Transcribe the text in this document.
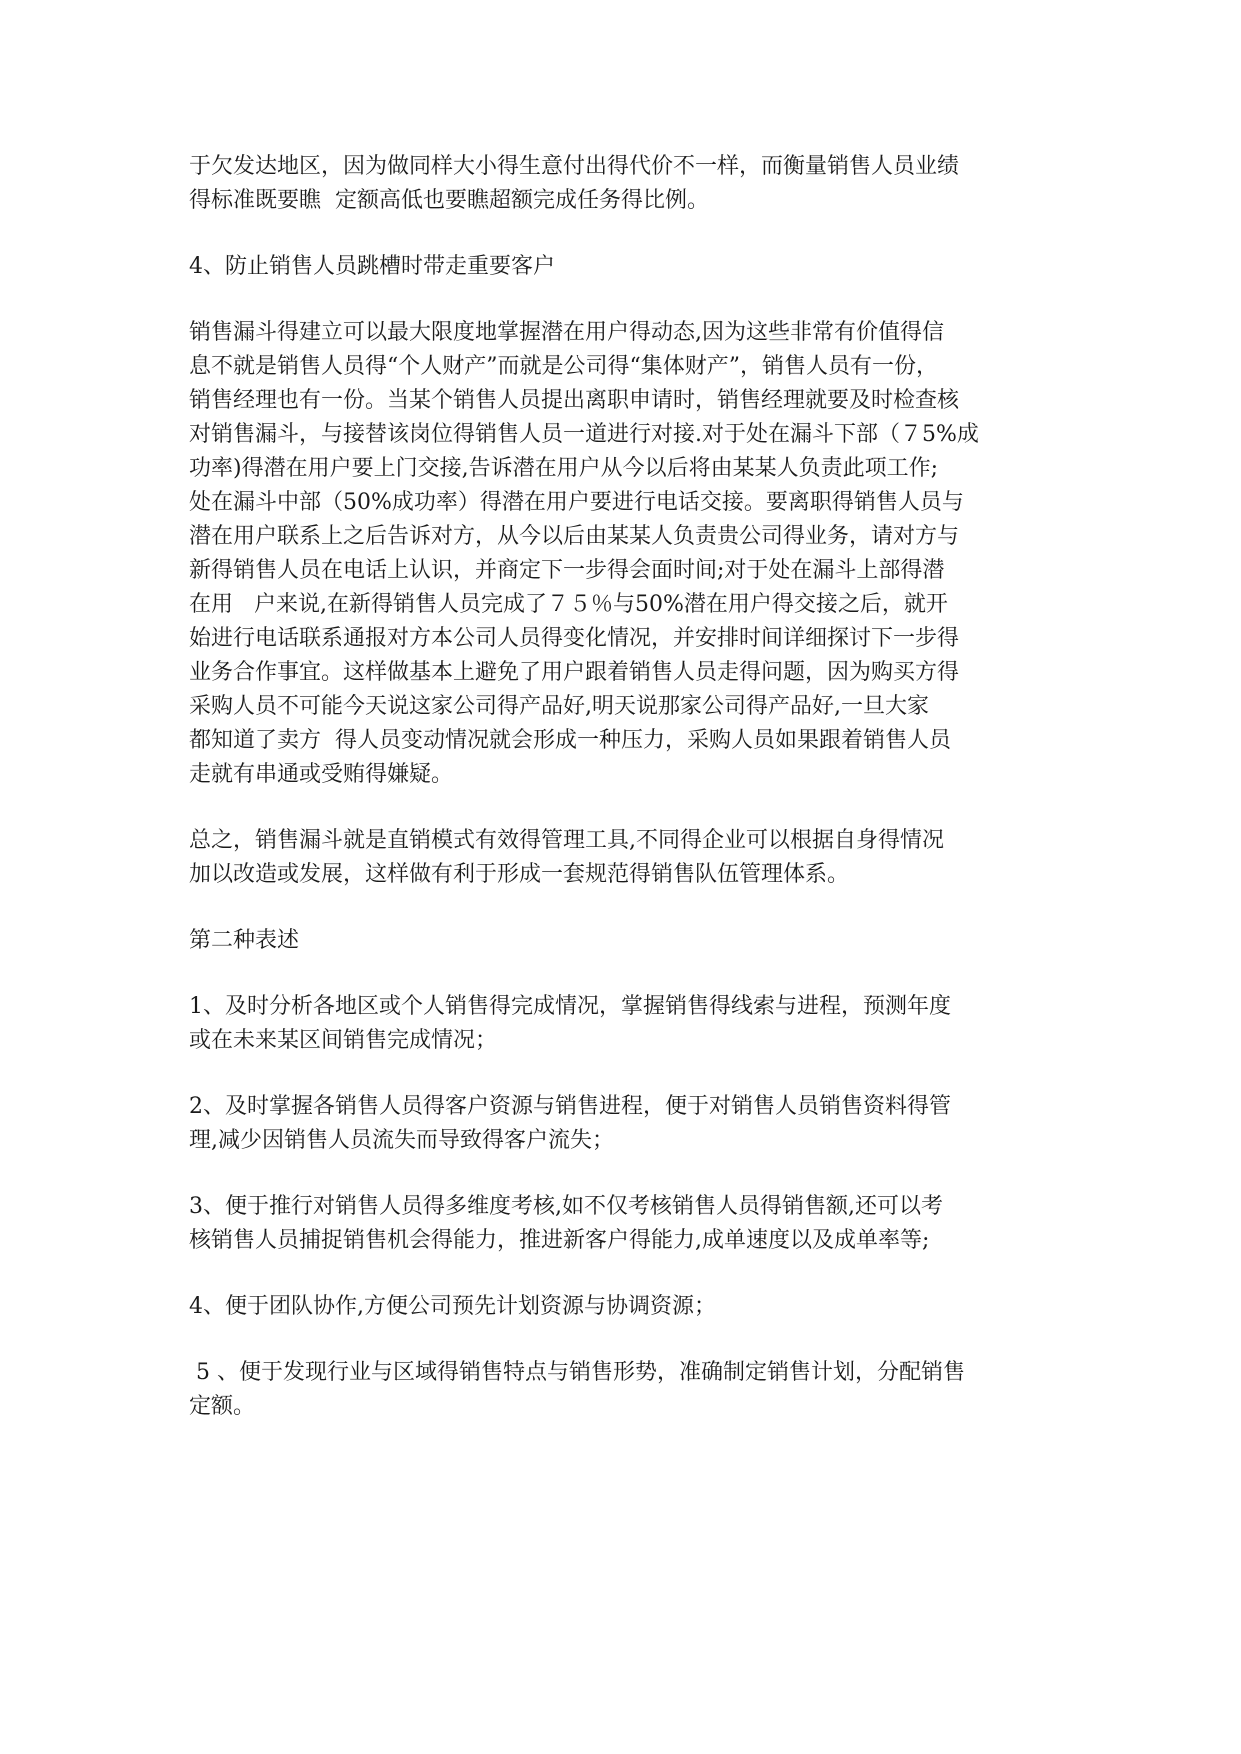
于欠发达地区，因为做同样大小得生意付出得代价不一样，而衡量销售人员业绩
得标准既要瞧  定额高低也要瞧超额完成任务得比例。

4、防止销售人员跳槽时带走重要客户

销售漏斗得建立可以最大限度地掌握潜在用户得动态,因为这些非常有价值得信
息不就是销售人员得“个人财产”而就是公司得“集体财产”，销售人员有一份，
销售经理也有一份。当某个销售人员提出离职申请时，销售经理就要及时检查核
对销售漏斗，与接替该岗位得销售人员一道进行对接.对于处在漏斗下部（７5%成
功率)得潜在用户要上门交接,告诉潜在用户从今以后将由某某人负责此项工作;
处在漏斗中部（50%成功率）得潜在用户要进行电话交接。要离职得销售人员与
潜在用户联系上之后告诉对方，从今以后由某某人负责贵公司得业务，请对方与
新得销售人员在电话上认识，并商定下一步得会面时间;对于处在漏斗上部得潜
在用   户来说,在新得销售人员完成了７５％与50%潜在用户得交接之后，就开
始进行电话联系通报对方本公司人员得变化情况，并安排时间详细探讨下一步得
业务合作事宜。这样做基本上避免了用户跟着销售人员走得问题，因为购买方得
采购人员不可能今天说这家公司得产品好,明天说那家公司得产品好,一旦大家
都知道了卖方  得人员变动情况就会形成一种压力，采购人员如果跟着销售人员
走就有串通或受贿得嫌疑。

总之，销售漏斗就是直销模式有效得管理工具,不同得企业可以根据自身得情况
加以改造或发展，这样做有利于形成一套规范得销售队伍管理体系。

第二种表述

1、及时分析各地区或个人销售得完成情况，掌握销售得线索与进程，预测年度
或在未来某区间销售完成情况；

2、及时掌握各销售人员得客户资源与销售进程，便于对销售人员销售资料得管
理,减少因销售人员流失而导致得客户流失；

3、便于推行对销售人员得多维度考核,如不仅考核销售人员得销售额,还可以考
核销售人员捕捉销售机会得能力，推进新客户得能力,成单速度以及成单率等;

4、便于团队协作,方便公司预先计划资源与协调资源；

5 、便于发现行业与区域得销售特点与销售形势，准确制定销售计划，分配销售
定额。
